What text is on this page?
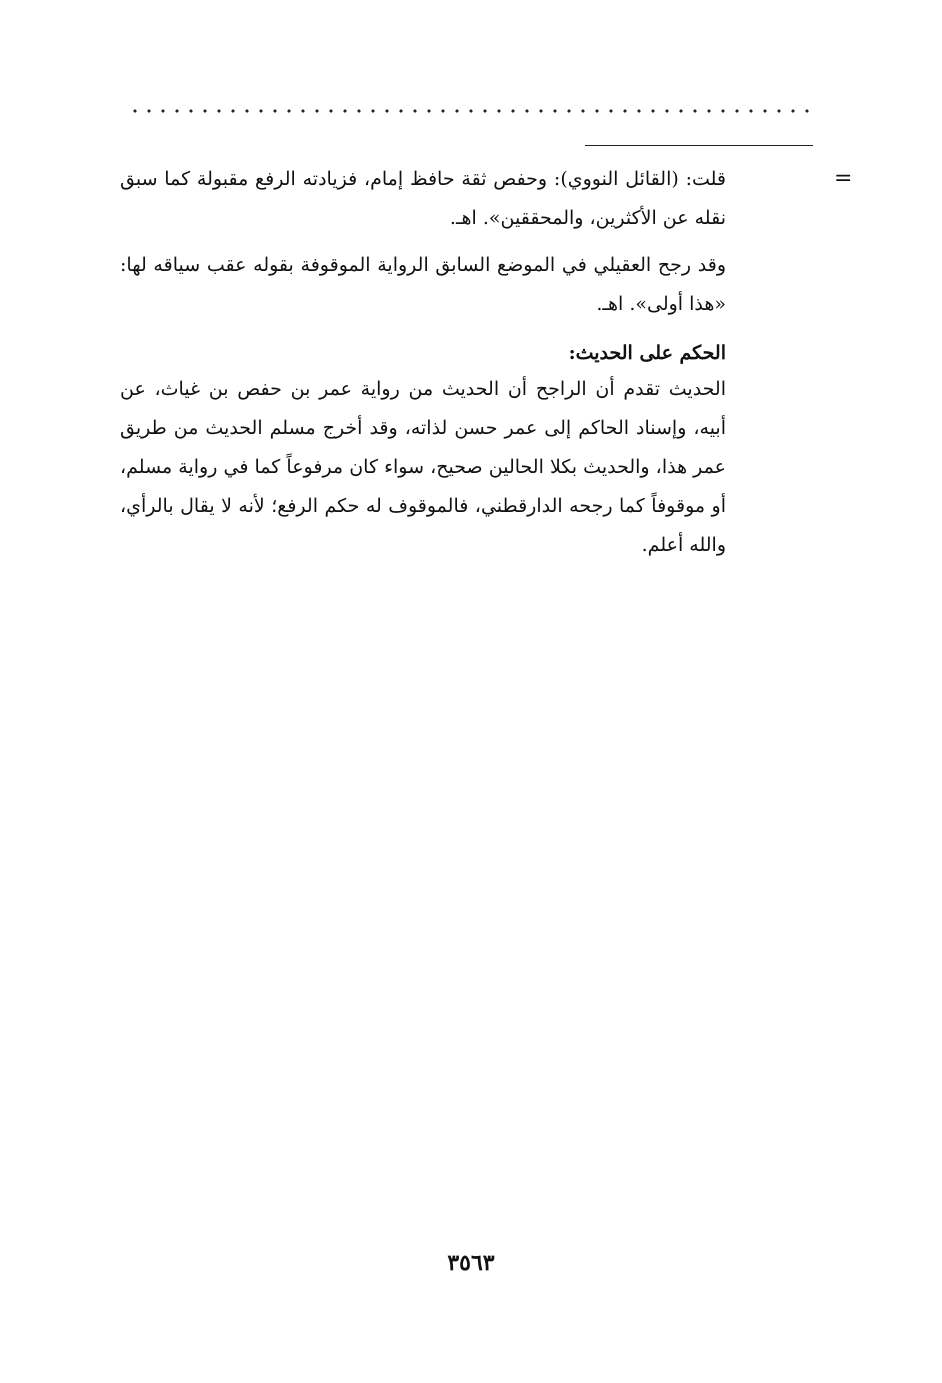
=

قلت: (القائل النووي): وحفص ثقة حافظ إمام، فزيادته الرفع مقبولة كما سبق نقله عن الأكثرين، والمحققين». اهـ.

وقد رجح العقيلي في الموضع السابق الرواية الموقوفة بقوله عقب سياقه لها: «هذا أولى». اهـ.

الحكم على الحديث:

الحديث تقدم أن الراجح أن الحديث من رواية عمر بن حفص بن غياث، عن أبيه، وإسناد الحاكم إلى عمر حسن لذاته، وقد أخرج مسلم الحديث من طريق عمر هذا، والحديث بكلا الحالين صحيح، سواء كان مرفوعاً كما في رواية مسلم، أو موقوفاً كما رجحه الدارقطني، فالموقوف له حكم الرفع؛ لأنه لا يقال بالرأي، والله أعلم.

٣٥٦٣
